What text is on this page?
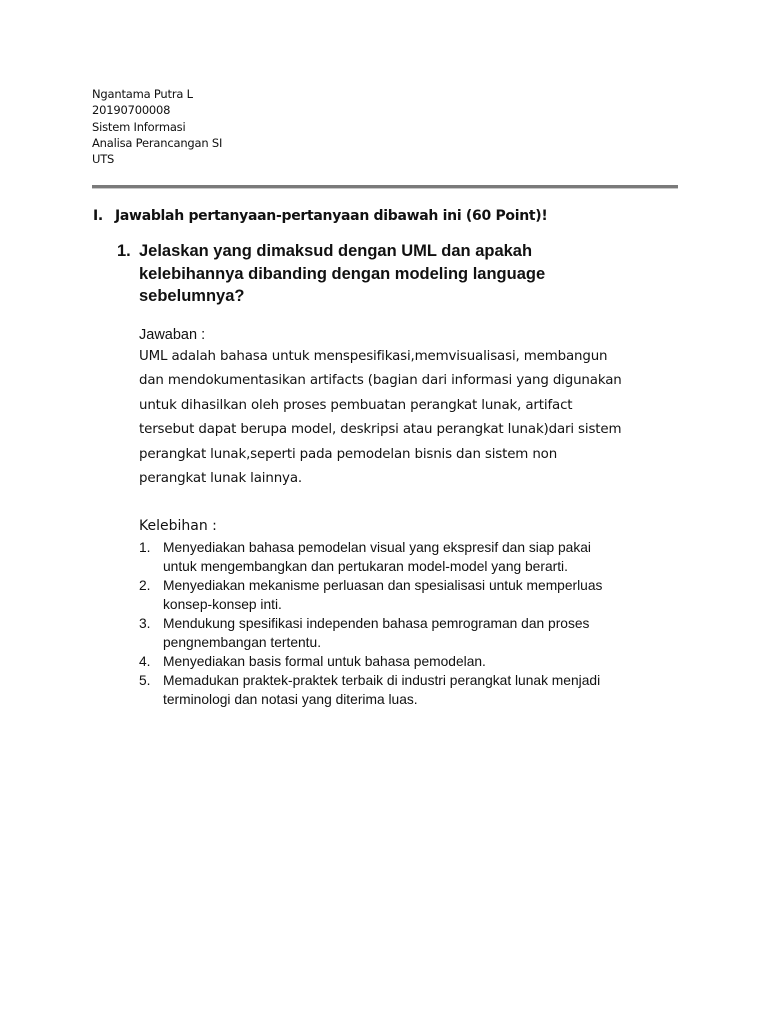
Ngantama Putra L
20190700008
Sistem Informasi
Analisa Perancangan SI
UTS
I. Jawablah pertanyaan-pertanyaan dibawah ini (60 Point)!
1. Jelaskan yang dimaksud dengan UML dan apakah
kelebihannya dibanding dengan modeling language
sebelumnya?
Jawaban :
UML adalah bahasa untuk menspesifikasi,memvisualisasi, membangun
dan mendokumentasikan artifacts (bagian dari informasi yang digunakan
untuk dihasilkan oleh proses pembuatan perangkat lunak, artifact
tersebut dapat berupa model, deskripsi atau perangkat lunak)dari sistem
perangkat lunak,seperti pada pemodelan bisnis dan sistem non
perangkat lunak lainnya.
Kelebihan :
1. Menyediakan bahasa pemodelan visual yang ekspresif dan siap pakai
untuk mengembangkan dan pertukaran model-model yang berarti.
2. Menyediakan mekanisme perluasan dan spesialisasi untuk memperluas
konsep-konsep inti.
3. Mendukung spesifikasi independen bahasa pemrograman dan proses
pengnembangan tertentu.
4. Menyediakan basis formal untuk bahasa pemodelan.
5. Memadukan praktek-praktek terbaik di industri perangkat lunak menjadi
terminologi dan notasi yang diterima luas.
